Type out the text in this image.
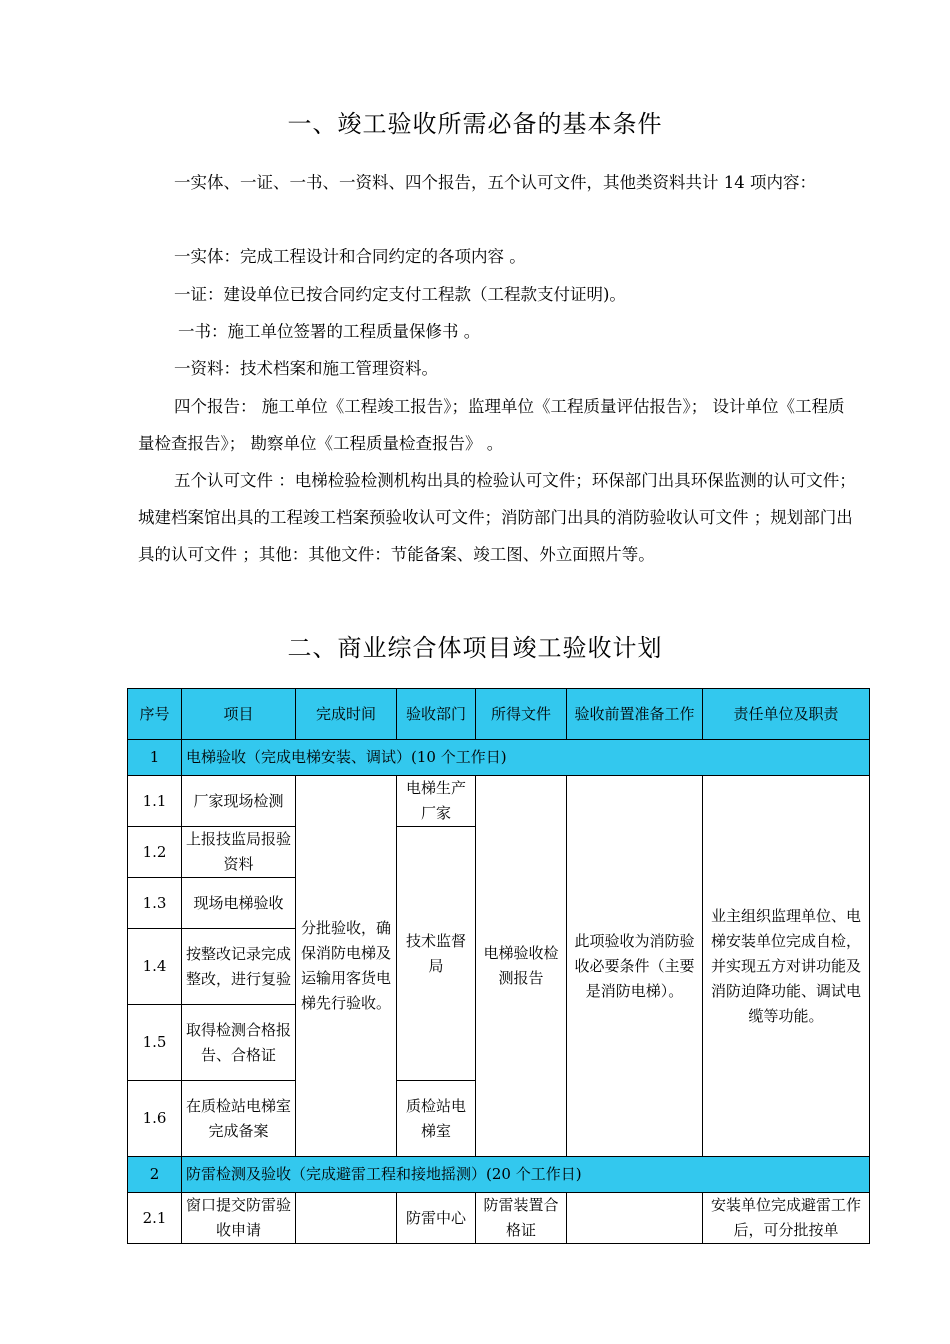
一、竣工验收所需必备的基本条件
一实体、一证、一书、一资料、四个报告，五个认可文件，其他类资料共计 14 项内容：
一实体：完成工程设计和合同约定的各项内容 。
一证：建设单位已按合同约定支付工程款（工程款支付证明)。
一书：施工单位签署的工程质量保修书 。
一资料：技术档案和施工管理资料。
四个报告： 施工单位《工程竣工报告》；监理单位《工程质量评估报告》； 设计单位《工程质量检查报告》； 勘察单位《工程质量检查报告》 。
五个认可文件 ：电梯检验检测机构出具的检验认可文件；环保部门出具环保监测的认可文件；城建档案馆出具的工程竣工档案预验收认可文件；消防部门出具的消防验收认可文件 ；规划部门出具的认可文件 ；其他：其他文件：节能备案、竣工图、外立面照片等。
二、商业综合体项目竣工验收计划
序号	项目	完成时间	验收部门	所得文件	验收前置准备工作	责任单位及职责
1	电梯验收（完成电梯安装、调试）(10 个工作日)					
1.1	厂家现场检测	分批验收，确保消防电梯及运输用客货电梯先行验收。	电梯生产厂家	电梯验收检测报告	此项验收为消防验收必要条件（主要是消防电梯）。	业主组织监理单位、电梯安装单位完成自检，并实现五方对讲功能及消防迫降功能、调试电缆等功能。
1.2	上报技监局报验资料		技术监督局			
1.3	现场电梯验收					
1.4	按整改记录完成整改，进行复验					
1.5	取得检测合格报告、合格证					
1.6	在质检站电梯室完成备案		质检站电梯室			
2	防雷检测及验收（完成避雷工程和接地摇测）(20 个工作日)					
2.1	窗口提交防雷验收申请		防雷中心	防雷装置合格证		安装单位完成避雷工作后，可分批按单
